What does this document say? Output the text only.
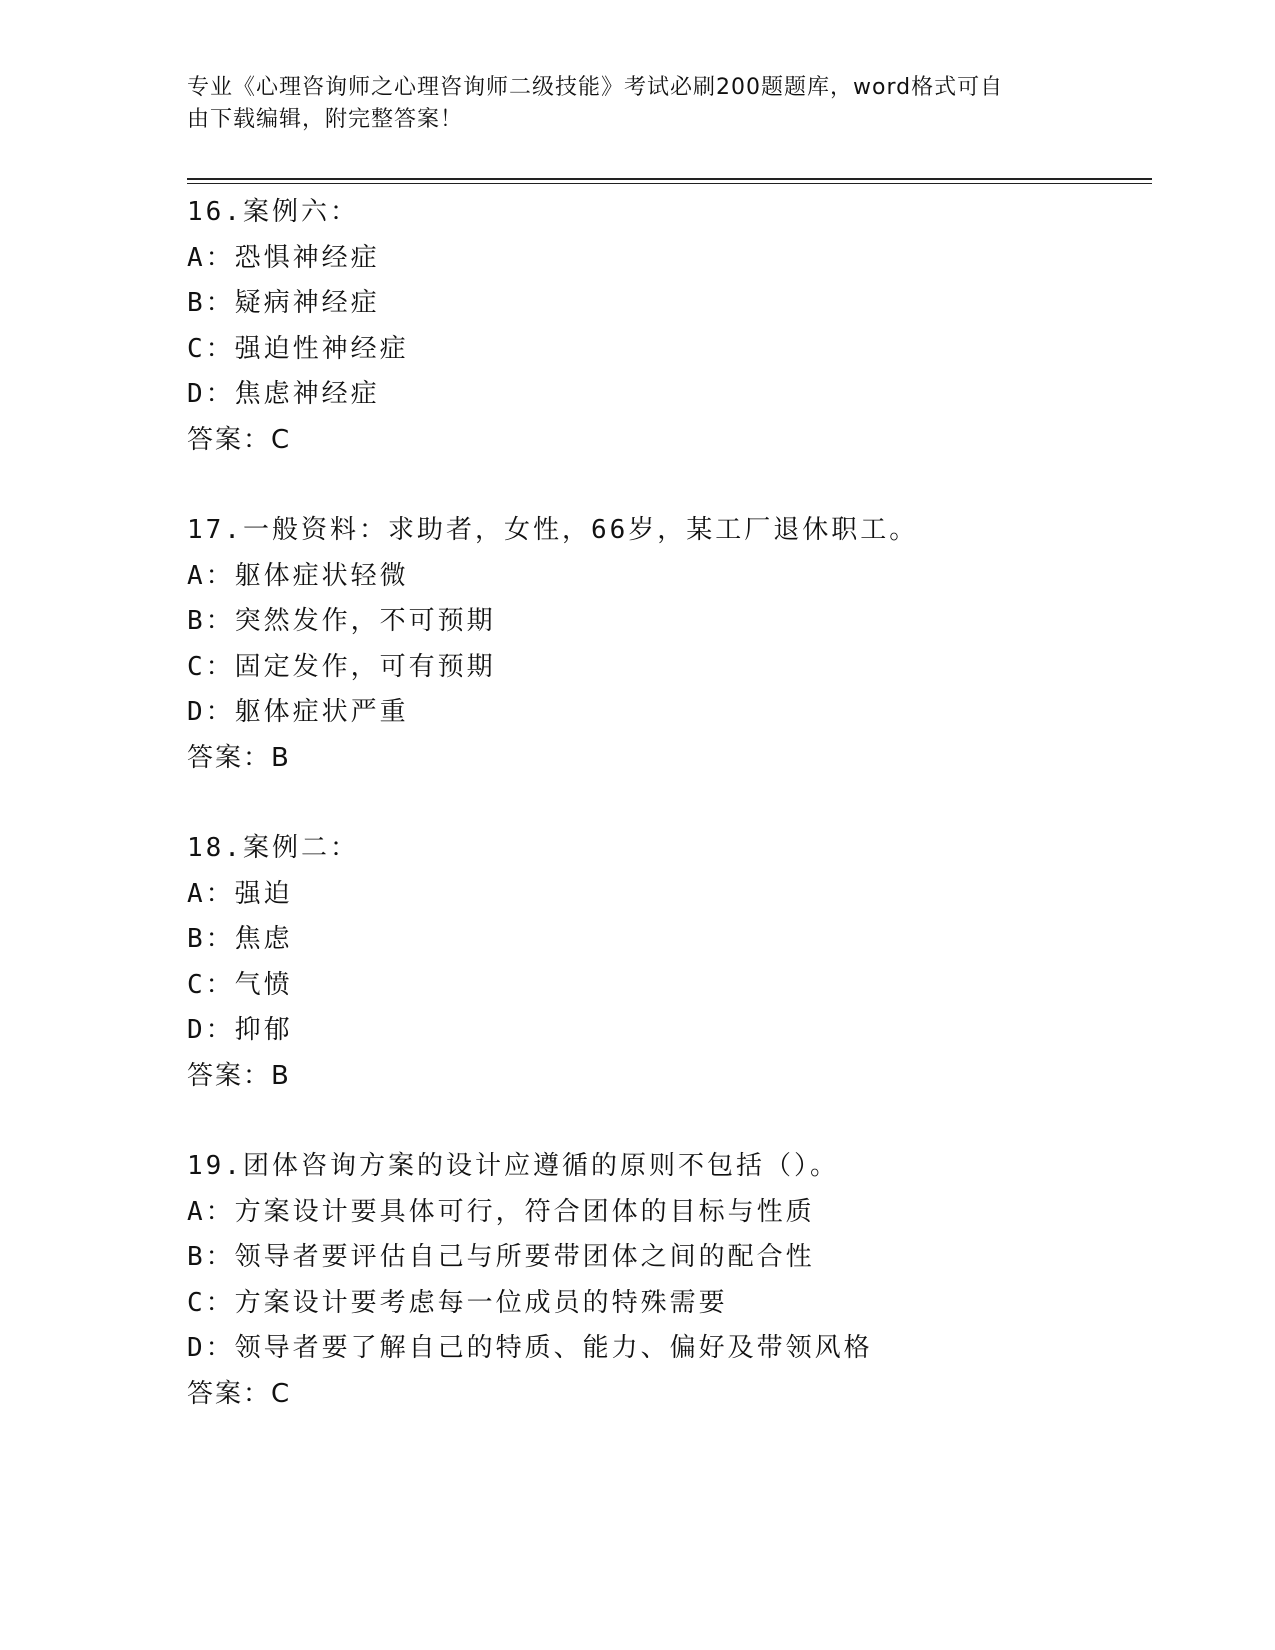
专业《心理咨询师之心理咨询师二级技能》考试必刷200题题库，word格式可自
由下载编辑，附完整答案！
16.案例六：
A：恐惧神经症
B：疑病神经症
C：强迫性神经症
D：焦虑神经症
答案：C
17.一般资料：求助者，女性，66岁，某工厂退休职工。
A：躯体症状轻微
B：突然发作，不可预期
C：固定发作，可有预期
D：躯体症状严重
答案：B
18.案例二：
A：强迫
B：焦虑
C：气愤
D：抑郁
答案：B
19.团体咨询方案的设计应遵循的原则不包括（）。
A：方案设计要具体可行，符合团体的目标与性质
B：领导者要评估自己与所要带团体之间的配合性
C：方案设计要考虑每一位成员的特殊需要
D：领导者要了解自己的特质、能力、偏好及带领风格
答案：C
